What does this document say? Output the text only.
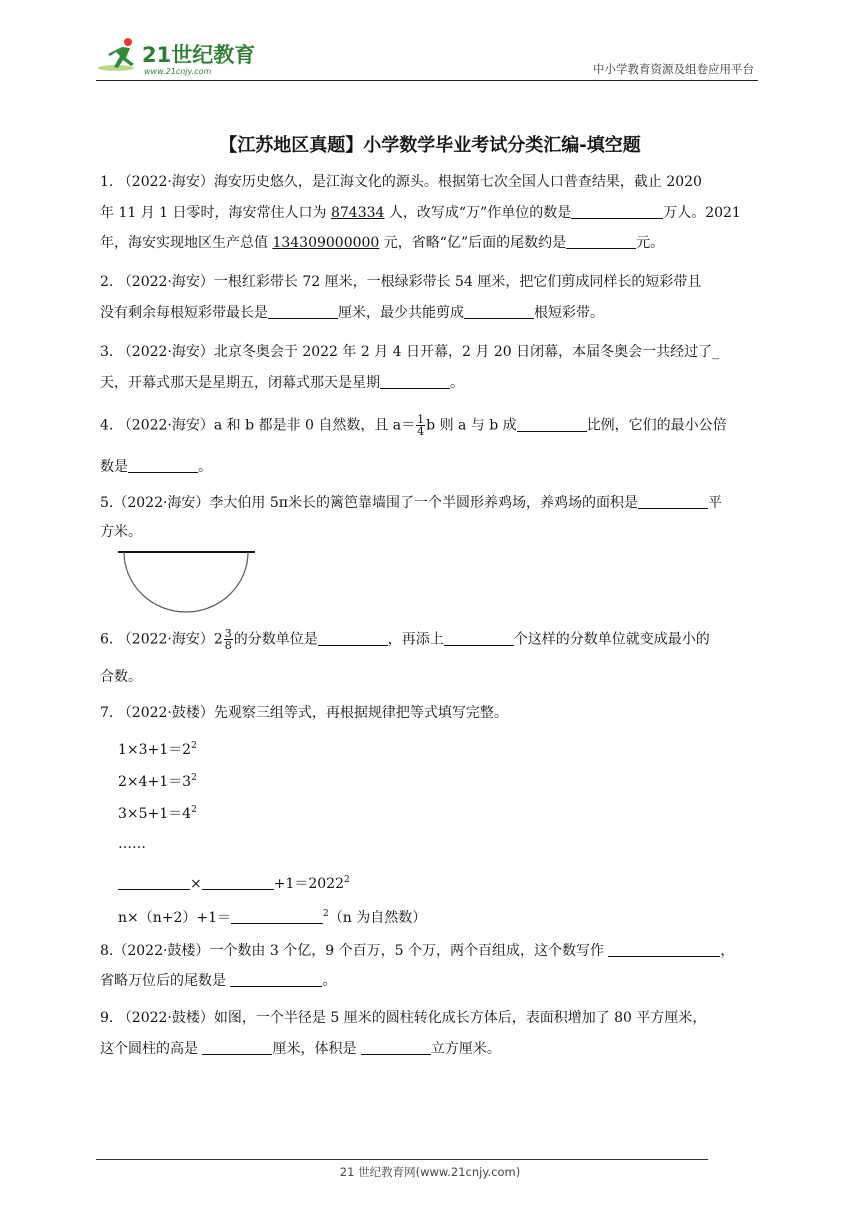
21世纪教育
www.21cnjy.com	中小学教育资源及组卷应用平台
【江苏地区真题】小学数学毕业考试分类汇编-填空题
1. （2022·海安）海安历史悠久，是江海文化的源头。根据第七次全国人口普查结果，截止 2020
年 11 月 1 日零时，海安常住人口为 874334 人，改写成“万”作单位的数是	万人。2021
年，海安实现地区生产总值 134309000000 元，省略“亿”后面的尾数约是	元。
2. （2022·海安）一根红彩带长 72 厘米，一根绿彩带长 54 厘米，把它们剪成同样长的短彩带且
没有剩余每根短彩带最长是	厘米，最少共能剪成	根短彩带。
3. （2022·海安）北京冬奥会于 2022 年 2 月 4 日开幕，2 月 20 日闭幕，本届冬奥会一共经过了_
天，开幕式那天是星期五，闭幕式那天是星期	。
4. （2022·海安）a 和 b 都是非 0 自然数，且 $a= \frac{1}{4}$ b 则 a 与 b 成	比例，它们的最小公倍
数是	。
5.（2022·海安）李大伯用 5π米长的篱笆靠墙围了一个半圆形养鸡场，养鸡场的面积是	平
方米。
6. （2022·海安）$2 \frac{3}{8}$ 的分数单位是	，再添上	个这样的分数单位就变成最小的
合数。
7. （2022·鼓楼）先观察三组等式，再根据规律把等式填写完整。
$1\times 3+1=2^2$
$2\times 4+1=3^2$
$3\times 5+1=4^2$
……
×	$+1=2022^2$
n×（n+2）+1＝	$^2$（n 为自然数）
8.（2022·鼓楼）一个数由 3 个亿，9 个百万，5 个万，两个百组成，这个数写作	，
省略万位后的尾数是	。
9. （2022·鼓楼）如图，一个半径是 5 厘米的圆柱转化成长方体后，表面积增加了 80 平方厘米，
这个圆柱的高是	厘米，体积是	立方厘米。
21 世纪教育网(www.21cnjy.com)
